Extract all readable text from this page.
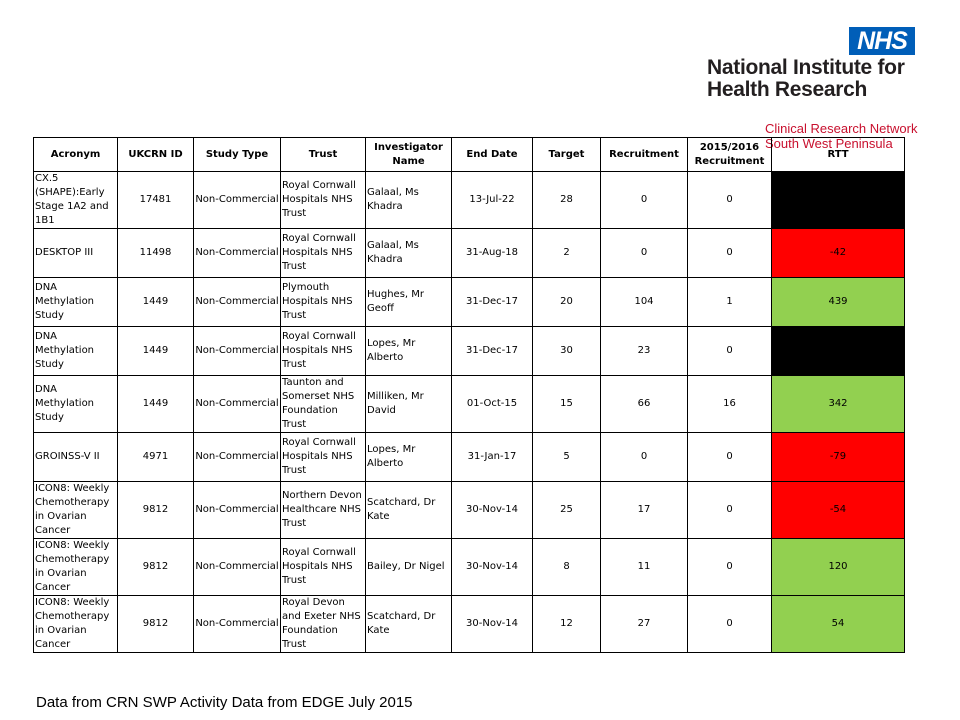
NHS
National Institute for
Health Research
Clinical Research Network
South West Peninsula
Acronym	UKCRN ID	Study Type	Trust	Investigator Name	End Date	Target	Recruitment	2015/2016 Recruitment	RTT
CX.5 (SHAPE):Early Stage 1A2 and 1B1	17481	Non-Commercial	Royal Cornwall Hospitals NHS Trust	Galaal, Ms Khadra	13-Jul-22	28	0	0	
DESKTOP III	11498	Non-Commercial	Royal Cornwall Hospitals NHS Trust	Galaal, Ms Khadra	31-Aug-18	2	0	0	-42
DNA Methylation Study	1449	Non-Commercial	Plymouth Hospitals NHS Trust	Hughes, Mr Geoff	31-Dec-17	20	104	1	439
DNA Methylation Study	1449	Non-Commercial	Royal Cornwall Hospitals NHS Trust	Lopes, Mr Alberto	31-Dec-17	30	23	0	
DNA Methylation Study	1449	Non-Commercial	Taunton and Somerset NHS Foundation Trust	Milliken, Mr David	01-Oct-15	15	66	16	342
GROINSS-V II	4971	Non-Commercial	Royal Cornwall Hospitals NHS Trust	Lopes, Mr Alberto	31-Jan-17	5	0	0	-79
ICON8: Weekly Chemotherapy in Ovarian Cancer	9812	Non-Commercial	Northern Devon Healthcare NHS Trust	Scatchard, Dr Kate	30-Nov-14	25	17	0	-54
ICON8: Weekly Chemotherapy in Ovarian Cancer	9812	Non-Commercial	Royal Cornwall Hospitals NHS Trust	Bailey, Dr Nigel	30-Nov-14	8	11	0	120
ICON8: Weekly Chemotherapy in Ovarian Cancer	9812	Non-Commercial	Royal Devon and Exeter NHS Foundation Trust	Scatchard, Dr Kate	30-Nov-14	12	27	0	54
Data from CRN SWP Activity Data from EDGE July 2015
